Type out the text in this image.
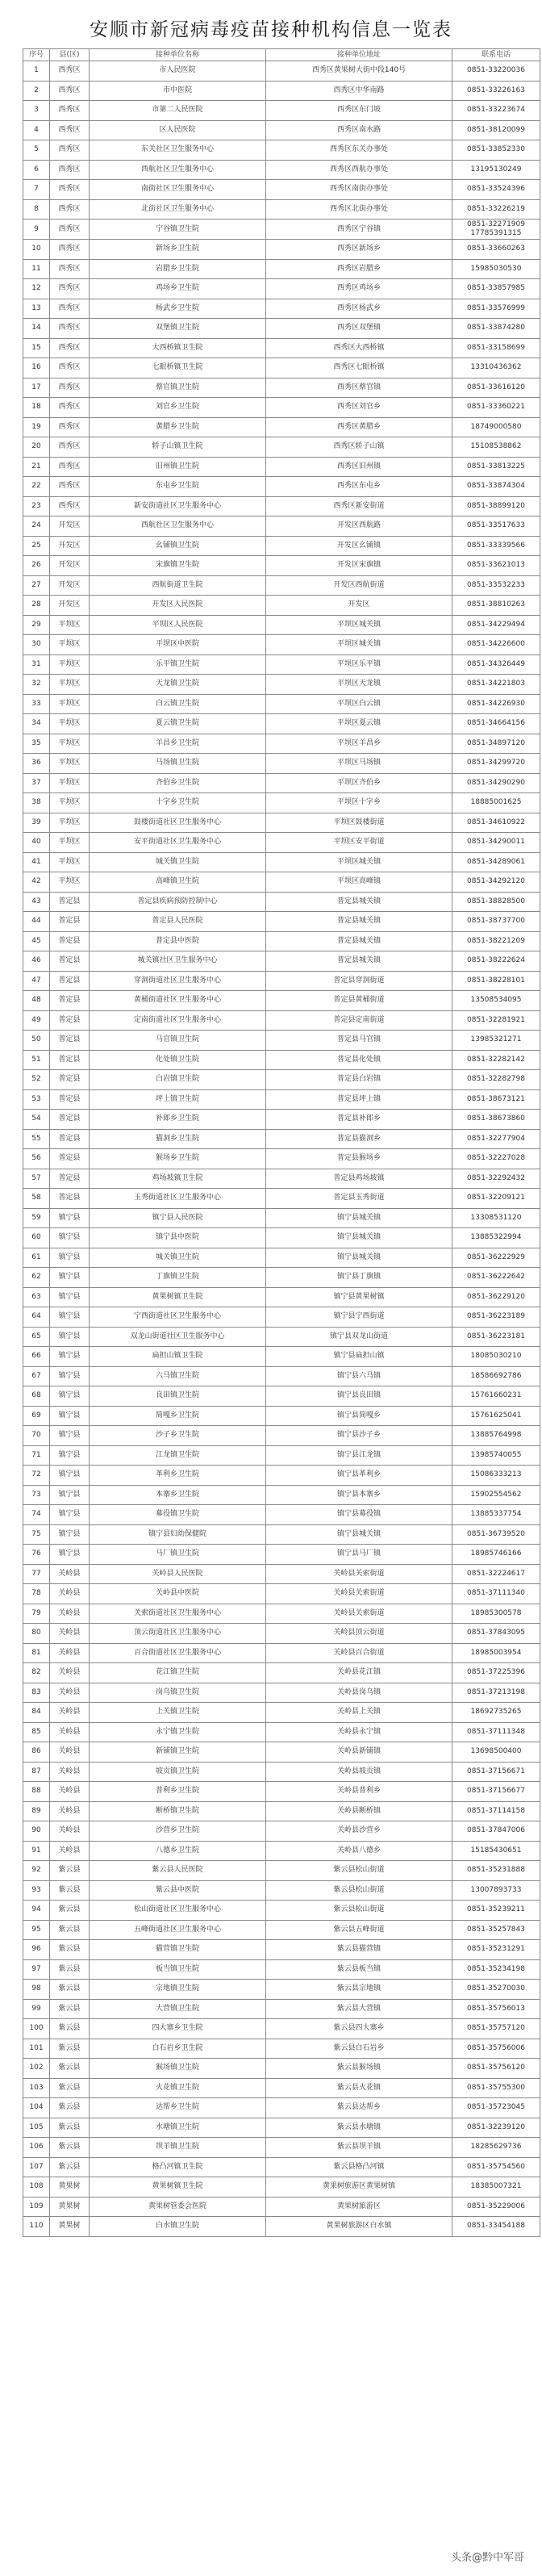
安顺市新冠病毒疫苗接种机构信息一览表
序号	县(区)	接种单位名称	接种单位地址	联系电话
1	西秀区	市人民医院	西秀区黄果树大街中段140号	0851-33220036
2	西秀区	市中医院	西秀区中华南路	0851-33226163
3	西秀区	市第二人民医院	西秀区东门坡	0851-33223674
4	西秀区	区人民医院	西秀区南水路	0851-38120099
5	西秀区	东关社区卫生服务中心	西秀区东关办事处	0851-33852330
6	西秀区	西航社区卫生服务中心	西秀区西航办事处	13195130249
7	西秀区	南街社区卫生服务中心	西秀区南街办事处	0851-33524396
8	西秀区	北街社区卫生服务中心	西秀区北街办事处	0851-33226219
9	西秀区	宁谷镇卫生院	西秀区宁谷镇	0851-32271909 17785391315
10	西秀区	新场乡卫生院	西秀区新场乡	0851-33660263
11	西秀区	岩腊乡卫生院	西秀区岩腊乡	15985030530
12	西秀区	鸡场乡卫生院	西秀区鸡场乡	0851-33857985
13	西秀区	杨武乡卫生院	西秀区杨武乡	0851-33576999
14	西秀区	双堡镇卫生院	西秀区双堡镇	0851-33874280
15	西秀区	大西桥镇卫生院	西秀区大西桥镇	0851-33158699
16	西秀区	七眼桥镇卫生院	西秀区七眼桥镇	13310436362
17	西秀区	蔡官镇卫生院	西秀区蔡官镇	0851-33616120
18	西秀区	刘官乡卫生院	西秀区刘官乡	0851-33360221
19	西秀区	黄腊乡卫生院	西秀区黄腊乡	18749000580
20	西秀区	轿子山镇卫生院	西秀区轿子山镇	15108538862
21	西秀区	旧州镇卫生院	西秀区旧州镇	0851-33813225
22	西秀区	东屯乡卫生院	西秀区东屯乡	0851-33874304
23	西秀区	新安街道社区卫生服务中心	西秀区新安街道	0851-38899120
24	开发区	西航社区卫生服务中心	开发区西航路	0851-33517633
25	开发区	幺铺镇卫生院	开发区幺铺镇	0851-33339566
26	开发区	宋旗镇卫生院	开发区宋旗镇	0851-33621013
27	开发区	西航街道卫生院	开发区西航街道	0851-33532233
28	开发区	开发区人民医院	开发区	0851-38810263
29	平坝区	平坝区人民医院	平坝区城关镇	0851-34229494
30	平坝区	平坝区中医院	平坝区城关镇	0851-34226600
31	平坝区	乐平镇卫生院	平坝区乐平镇	0851-34326449
32	平坝区	天龙镇卫生院	平坝区天龙镇	0851-34221803
33	平坝区	白云镇卫生院	平坝区白云镇	0851-34226930
34	平坝区	夏云镇卫生院	平坝区夏云镇	0851-34664156
35	平坝区	羊昌乡卫生院	平坝区羊昌乡	0851-34897120
36	平坝区	马场镇卫生院	平坝区马场镇	0851-34299720
37	平坝区	齐伯乡卫生院	平坝区齐伯乡	0851-34290290
38	平坝区	十字乡卫生院	平坝区十字乡	18885001625
39	平坝区	鼓楼街道社区卫生服务中心	平坝区鼓楼街道	0851-34610922
40	平坝区	安平街道社区卫生服务中心	平坝区安平街道	0851-34290011
41	平坝区	城关镇卫生院	平坝区城关镇	0851-34289061
42	平坝区	高峰镇卫生院	平坝区高峰镇	0851-34292120
43	普定县	普定县疾病预防控制中心	普定县城关镇	0851-38828500
44	普定县	普定县人民医院	普定县城关镇	0851-38737700
45	普定县	普定县中医院	普定县城关镇	0851-38221209
46	普定县	城关镇社区卫生服务中心	普定县城关镇	0851-38222624
47	普定县	穿洞街道社区卫生服务中心	普定县穿洞街道	0851-38228101
48	普定县	黄桶街道社区卫生服务中心	普定县黄桶街道	13508534095
49	普定县	定南街道社区卫生服务中心	普定县定南街道	0851-32281921
50	普定县	马官镇卫生院	普定县马官镇	13985321271
51	普定县	化处镇卫生院	普定县化处镇	0851-32282142
52	普定县	白岩镇卫生院	普定县白岩镇	0851-32282798
53	普定县	坪上镇卫生院	普定县坪上镇	0851-38673121
54	普定县	补郎乡卫生院	普定县补郎乡	0851-38673860
55	普定县	猫洞乡卫生院	普定县猫洞乡	0851-32277904
56	普定县	猴场乡卫生院	普定县猴场乡	0851-32227028
57	普定县	鸡场坡镇卫生院	普定县鸡场坡镇	0851-32292432
58	普定县	玉秀街道社区卫生服务中心	普定县玉秀街道	0851-32209121
59	镇宁县	镇宁县人民医院	镇宁县城关镇	13308531120
60	镇宁县	镇宁县中医院	镇宁县城关镇	13885322994
61	镇宁县	城关镇卫生院	镇宁县城关镇	0851-36222929
62	镇宁县	丁旗镇卫生院	镇宁县丁旗镇	0851-36222642
63	镇宁县	黄果树镇卫生院	镇宁县黄果树镇	0851-36229120
64	镇宁县	宁西街道社区卫生服务中心	镇宁县宁西街道	0851-36223189
65	镇宁县	双龙山街道社区卫生服务中心	镇宁县双龙山街道	0851-36223181
66	镇宁县	扁担山镇卫生院	镇宁县扁担山镇	18085030210
67	镇宁县	六马镇卫生院	镇宁县六马镇	18586692786
68	镇宁县	良田镇卫生院	镇宁县良田镇	15761660231
69	镇宁县	简嘎乡卫生院	镇宁县简嘎乡	15761625041
70	镇宁县	沙子乡卫生院	镇宁县沙子乡	13885764998
71	镇宁县	江龙镇卫生院	镇宁县江龙镇	13985740055
72	镇宁县	革利乡卫生院	镇宁县革利乡	15086333213
73	镇宁县	本寨乡卫生院	镇宁县本寨乡	15902554562
74	镇宁县	募役镇卫生院	镇宁县募役镇	13885337754
75	镇宁县	镇宁县妇幼保健院	镇宁县城关镇	0851-36739520
76	镇宁县	马厂镇卫生院	镇宁县马厂镇	18985746166
77	关岭县	关岭县人民医院	关岭县关索街道	0851-32224617
78	关岭县	关岭县中医院	关岭县关索街道	0851-37111340
79	关岭县	关索街道社区卫生服务中心	关岭县关索街道	18985300578
80	关岭县	顶云街道社区卫生服务中心	关岭县顶云街道	0851-37843095
81	关岭县	百合街道社区卫生服务中心	关岭县百合街道	18985003954
82	关岭县	花江镇卫生院	关岭县花江镇	0851-37225396
83	关岭县	岗乌镇卫生院	关岭县岗乌镇	0851-37213198
84	关岭县	上关镇卫生院	关岭县上关镇	18692735265
85	关岭县	永宁镇卫生院	关岭县永宁镇	0851-37111348
86	关岭县	新铺镇卫生院	关岭县新铺镇	13698500400
87	关岭县	坡贡镇卫生院	关岭县坡贡镇	0851-37156671
88	关岭县	普利乡卫生院	关岭县普利乡	0851-37156677
89	关岭县	断桥镇卫生院	关岭县断桥镇	0851-37114158
90	关岭县	沙营乡卫生院	关岭县沙营乡	0851-37847006
91	关岭县	八德乡卫生院	关岭县八德乡	15185430651
92	紫云县	紫云县人民医院	紫云县松山街道	0851-35231888
93	紫云县	紫云县中医院	紫云县松山街道	13007893733
94	紫云县	松山街道社区卫生服务中心	紫云县松山街道	0851-35239211
95	紫云县	五峰街道社区卫生服务中心	紫云县五峰街道	0851-35257843
96	紫云县	猫营镇卫生院	紫云县猫营镇	0851-35231291
97	紫云县	板当镇卫生院	紫云县板当镇	0851-35234198
98	紫云县	宗地镇卫生院	紫云县宗地镇	0851-35270030
99	紫云县	大营镇卫生院	紫云县大营镇	0851-35756013
100	紫云县	四大寨乡卫生院	紫云县四大寨乡	0851-35757120
101	紫云县	白石岩乡卫生院	紫云县白石岩乡	0851-35756006
102	紫云县	猴场镇卫生院	紫云县猴场镇	0851-35756120
103	紫云县	火花镇卫生院	紫云县火花镇	0851-35755300
104	紫云县	达帮乡卫生院	紫云县达帮乡	0851-35723045
105	紫云县	水塘镇卫生院	紫云县水塘镇	0851-32239120
106	紫云县	坝羊镇卫生院	紫云县坝羊镇	18285629736
107	紫云县	格凸河镇卫生院	紫云县格凸河镇	0851-35754560
108	黄果树	黄果树镇卫生院	黄果树旅游区黄果树镇	18385007321
109	黄果树	黄果树管委会医院	黄果树旅游区	0851-35229006
110	黄果树	白水镇卫生院	黄果树旅游区白水镇	0851-33454188
头条@黔中军哥
